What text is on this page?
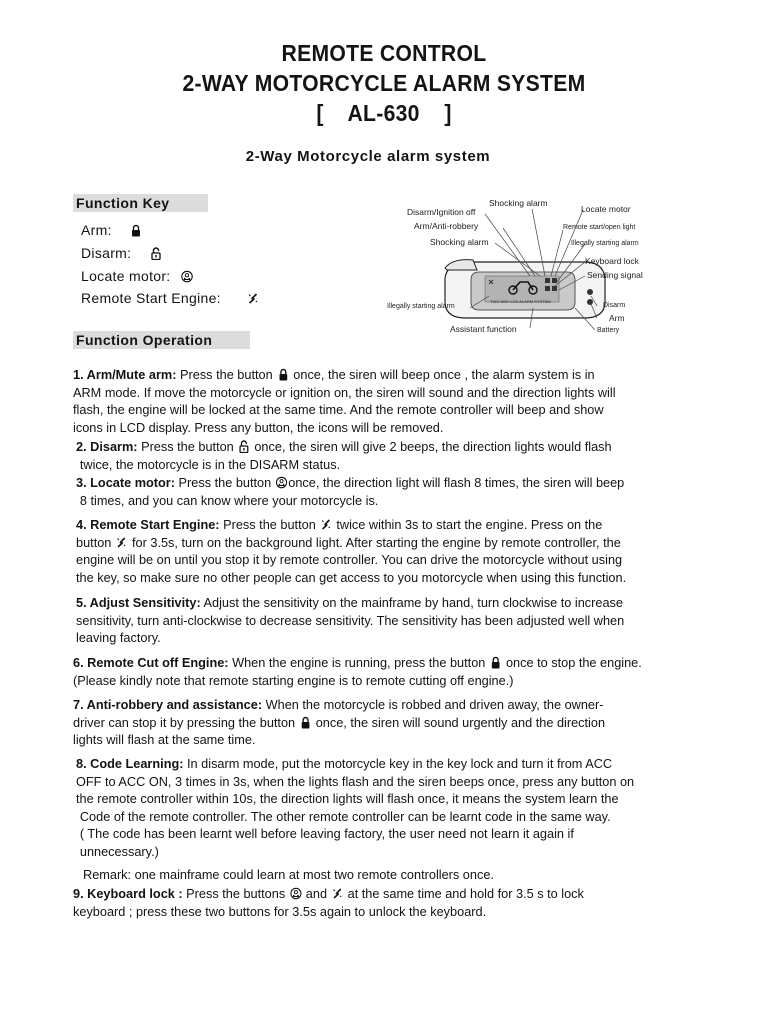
REMOTE CONTROL
2-WAY MOTORCYCLE ALARM SYSTEM
[    AL-630    ]
2-Way Motorcycle alarm system
Function Key
Arm:
Disarm:
Locate motor:
Remote Start Engine:
Shocking alarm
Disarm/Ignition off	Locate motor
Arm/Anti-robbery	Remote start/open light
Shocking alarm	Illegally starting alarm
Keyboard lock
Sending signal
Illegally starting alarm	Disarm
Arm
Assistant function	Battery
TWO-WAY LCD ALARM SYSTEM
Function Operation
1. Arm/Mute arm: Press the button
once, the siren will beep once , the alarm system is in
ARM mode. If move the motorcycle or ignition on, the siren will sound and the direction lights will
flash, the engine will be locked at the same time. And the remote controller will beep and show
icons in LCD display. Press any button, the icons will be removed.
2. Disarm: Press the button
once, the siren will give 2 beeps, the direction lights would flash
twice, the motorcycle is in the DISARM status.
3. Locate motor: Press the button
once, the direction light will flash 8 times, the siren will beep
8 times, and you can know where your motorcycle is.
4. Remote Start Engine: Press the button
twice within 3s to start the engine. Press on the
button
for 3.5s, turn on the background light. After starting the engine by remote controller, the
engine will be on until you stop it by remote controller. You can drive the motorcycle without using
the key, so make sure no other people can get access to you motorcycle when using this function.
5. Adjust Sensitivity: Adjust the sensitivity on the mainframe by hand, turn clockwise to increase
sensitivity, turn anti-clockwise to decrease sensitivity. The sensitivity has been adjusted well when
leaving factory.
6. Remote Cut off Engine: When the engine is running, press the button
once to stop the engine.
(Please kindly note that remote starting engine is to remote cutting off engine.)
7. Anti-robbery and assistance: When the motorcycle is robbed and driven away, the owner-
driver can stop it by pressing the button
once, the siren will sound urgently and the direction
lights will flash at the same time.
8. Code Learning: In disarm mode, put the motorcycle key in the key lock and turn it from ACC
OFF to ACC ON, 3 times in 3s, when the lights flash and the siren beeps once, press any button on
the remote controller within 10s, the direction lights will flash once, it means the system learn the
Code of the remote controller. The other remote controller can be learnt code in the same way.
( The code has been learnt well before leaving factory, the user need not learn it again if
unnecessary.)
Remark: one mainframe could learn at most two remote controllers once.
9. Keyboard lock : Press the buttons
and
at the same time and hold for 3.5 s to lock
keyboard ; press these two buttons for 3.5s again to unlock the keyboard.
